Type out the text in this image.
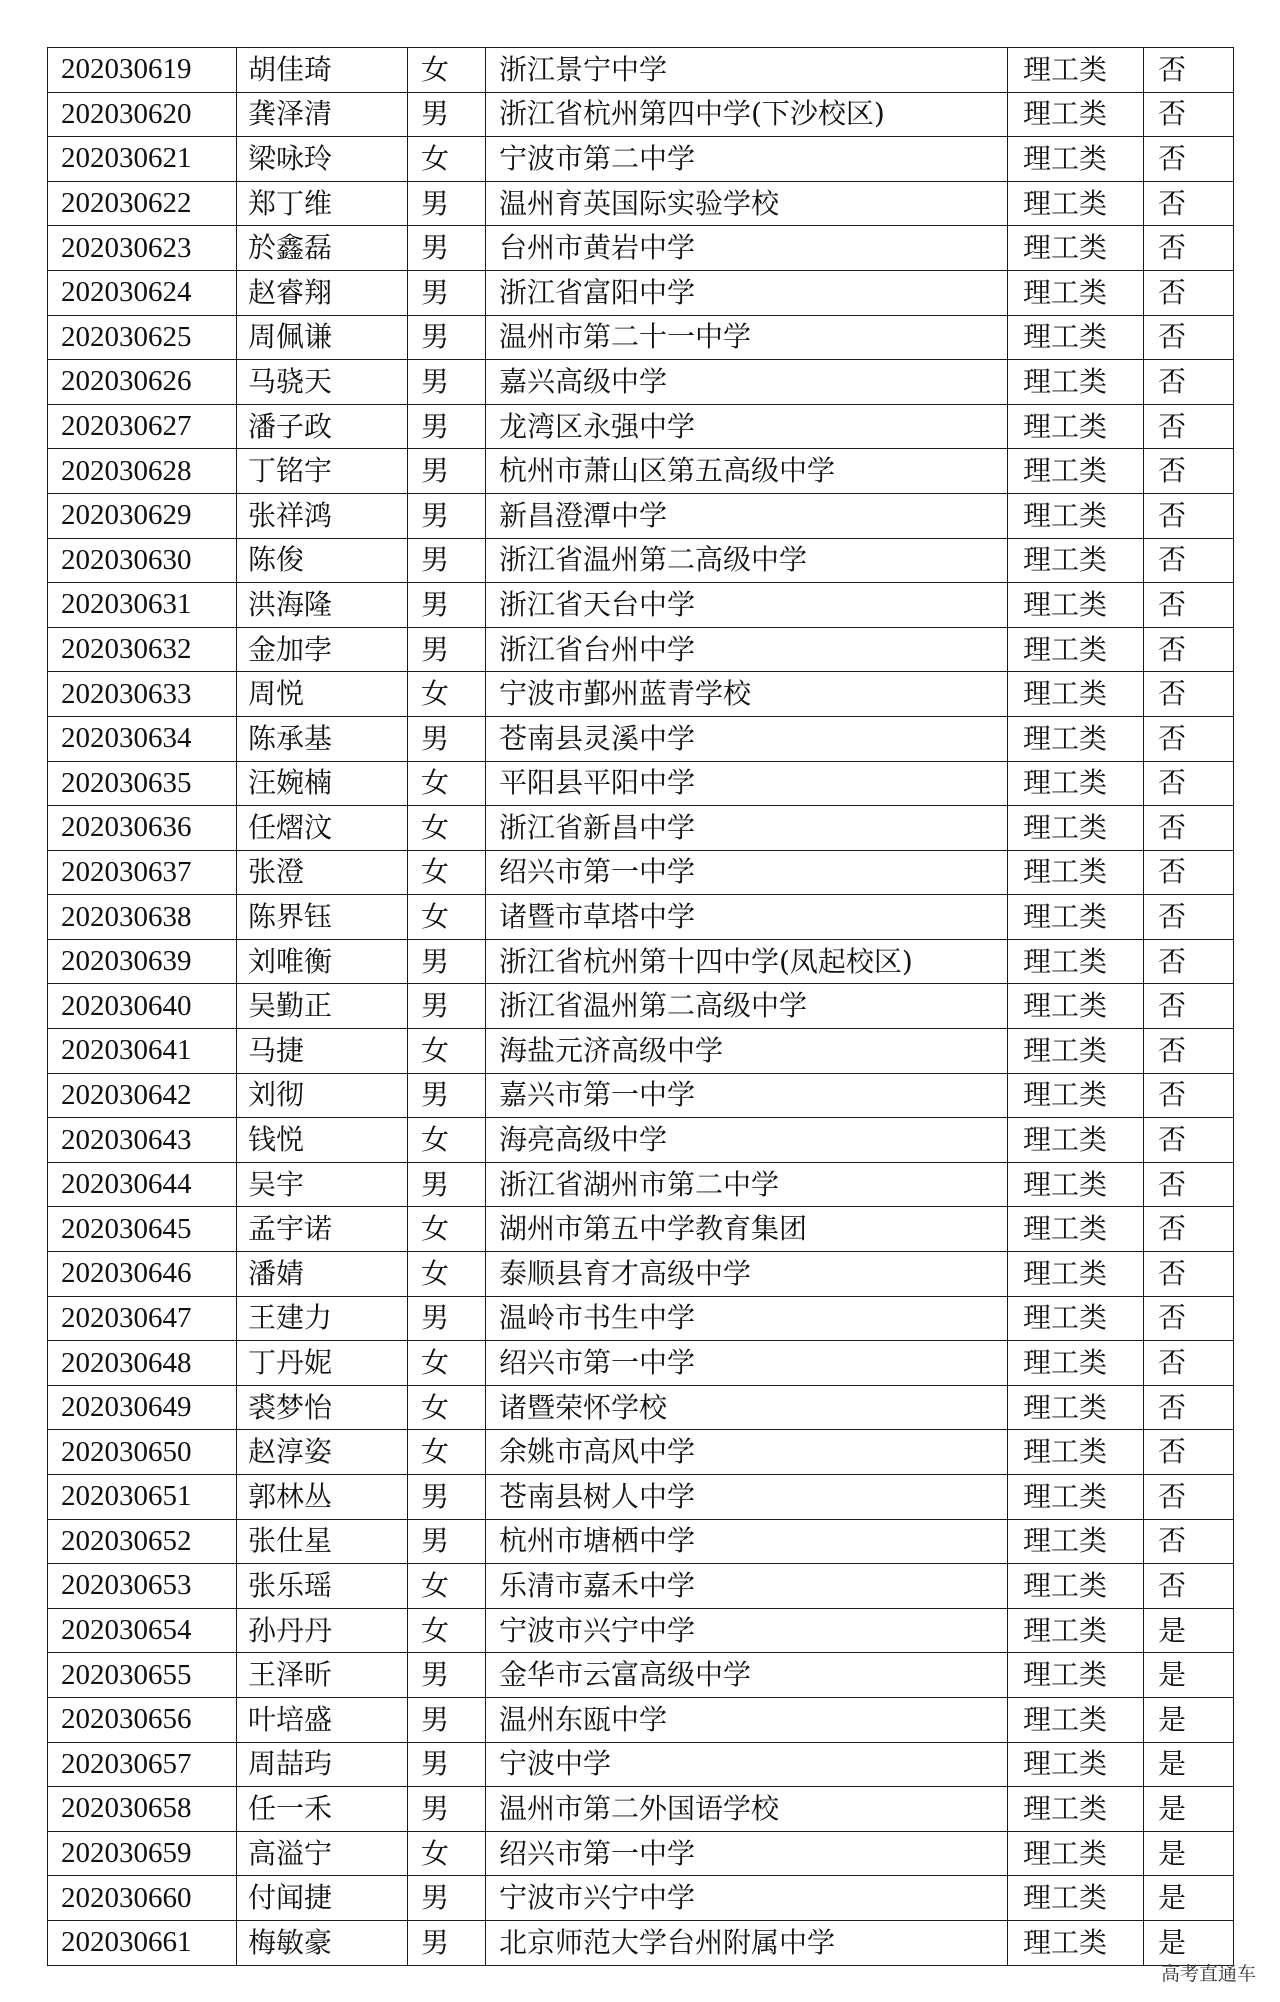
202030619	胡佳琦	女	浙江景宁中学	理工类	否
202030620	龚泽清	男	浙江省杭州第四中学(下沙校区)	理工类	否
202030621	梁咏玲	女	宁波市第二中学	理工类	否
202030622	郑丁维	男	温州育英国际实验学校	理工类	否
202030623	於鑫磊	男	台州市黄岩中学	理工类	否
202030624	赵睿翔	男	浙江省富阳中学	理工类	否
202030625	周佩谦	男	温州市第二十一中学	理工类	否
202030626	马骁天	男	嘉兴高级中学	理工类	否
202030627	潘子政	男	龙湾区永强中学	理工类	否
202030628	丁铭宇	男	杭州市萧山区第五高级中学	理工类	否
202030629	张祥鸿	男	新昌澄潭中学	理工类	否
202030630	陈俊	男	浙江省温州第二高级中学	理工类	否
202030631	洪海隆	男	浙江省天台中学	理工类	否
202030632	金加孛	男	浙江省台州中学	理工类	否
202030633	周悦	女	宁波市鄞州蓝青学校	理工类	否
202030634	陈承基	男	苍南县灵溪中学	理工类	否
202030635	汪婉楠	女	平阳县平阳中学	理工类	否
202030636	任熠汶	女	浙江省新昌中学	理工类	否
202030637	张澄	女	绍兴市第一中学	理工类	否
202030638	陈界钰	女	诸暨市草塔中学	理工类	否
202030639	刘唯衡	男	浙江省杭州第十四中学(凤起校区)	理工类	否
202030640	吴勤正	男	浙江省温州第二高级中学	理工类	否
202030641	马捷	女	海盐元济高级中学	理工类	否
202030642	刘彻	男	嘉兴市第一中学	理工类	否
202030643	钱悦	女	海亮高级中学	理工类	否
202030644	吴宇	男	浙江省湖州市第二中学	理工类	否
202030645	孟宇诺	女	湖州市第五中学教育集团	理工类	否
202030646	潘婧	女	泰顺县育才高级中学	理工类	否
202030647	王建力	男	温岭市书生中学	理工类	否
202030648	丁丹妮	女	绍兴市第一中学	理工类	否
202030649	裘梦怡	女	诸暨荣怀学校	理工类	否
202030650	赵淳姿	女	余姚市高风中学	理工类	否
202030651	郭林丛	男	苍南县树人中学	理工类	否
202030652	张仕星	男	杭州市塘栖中学	理工类	否
202030653	张乐瑶	女	乐清市嘉禾中学	理工类	否
202030654	孙丹丹	女	宁波市兴宁中学	理工类	是
202030655	王泽昕	男	金华市云富高级中学	理工类	是
202030656	叶培盛	男	温州东瓯中学	理工类	是
202030657	周喆玙	男	宁波中学	理工类	是
202030658	任一禾	男	温州市第二外国语学校	理工类	是
202030659	高溢宁	女	绍兴市第一中学	理工类	是
202030660	付闻捷	男	宁波市兴宁中学	理工类	是
202030661	梅敏豪	男	北京师范大学台州附属中学	理工类	是
高考直通车
